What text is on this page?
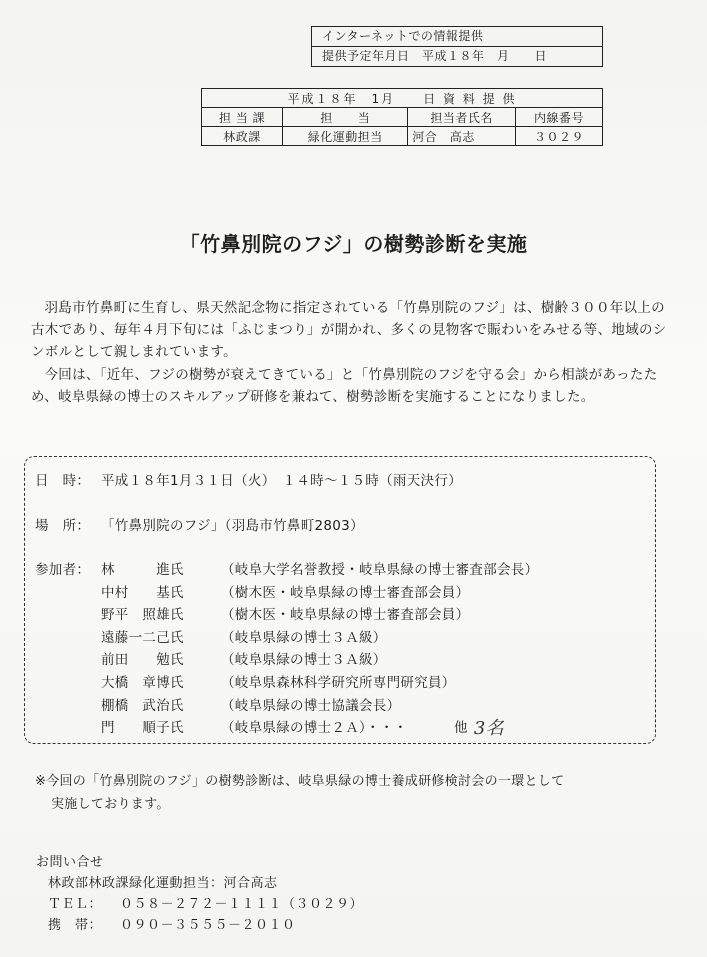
インターネットでの情報提供
提供予定年月日　平成１８年　月　　日
平成１８年　1月　　日 資 料 提 供			
担 当 課	担　　当	担当者氏名	内線番号
林政課	緑化運動担当	河合　高志	３０２９
「竹鼻別院のフジ」の樹勢診断を実施

羽島市竹鼻町に生育し、県天然記念物に指定されている「竹鼻別院のフジ」は、樹齢３００年以上の古木であり、毎年４月下旬には「ふじまつり」が開かれ、多くの見物客で賑わいをみせる等、地域のシンボルとして親しまれています。

今回は、「近年、フジの樹勢が衰えてきている」と「竹鼻別院のフジを守る会」から相談があったため、岐阜県緑の博士のスキルアップ研修を兼ねて、樹勢診断を実施することになりました。

日　時： 平成１８年1月３１日（火）　１４時～１５時（雨天決行）
場　所： 「竹鼻別院のフジ」（羽島市竹鼻町2803）
参加者： 林　　　進氏	（岐阜大学名誉教授・岐阜県緑の博士審査部会長）
中村　　基氏	（樹木医・岐阜県緑の博士審査部会員）
野平　照雄氏	（樹木医・岐阜県緑の博士審査部会員）
遠藤一二己氏	（岐阜県緑の博士３Ａ級）
前田　　勉氏	（岐阜県緑の博士３Ａ級）
大橋　章博氏	（岐阜県森林科学研究所専門研究員）
棚橋　武治氏	（岐阜県緑の博士協議会長）
門　　順子氏	（岐阜県緑の博士２Ａ）・・・	他 3名
※今回の「竹鼻別院のフジ」の樹勢診断は、岐阜県緑の博士養成研修検討会の一環として
実施しております。
お問い合せ
林政部林政課緑化運動担当：河合高志
ＴＥＬ： ０５８－２７２－１１１１（３０２９）
携　帯： ０９０－３５５５－２０１０
